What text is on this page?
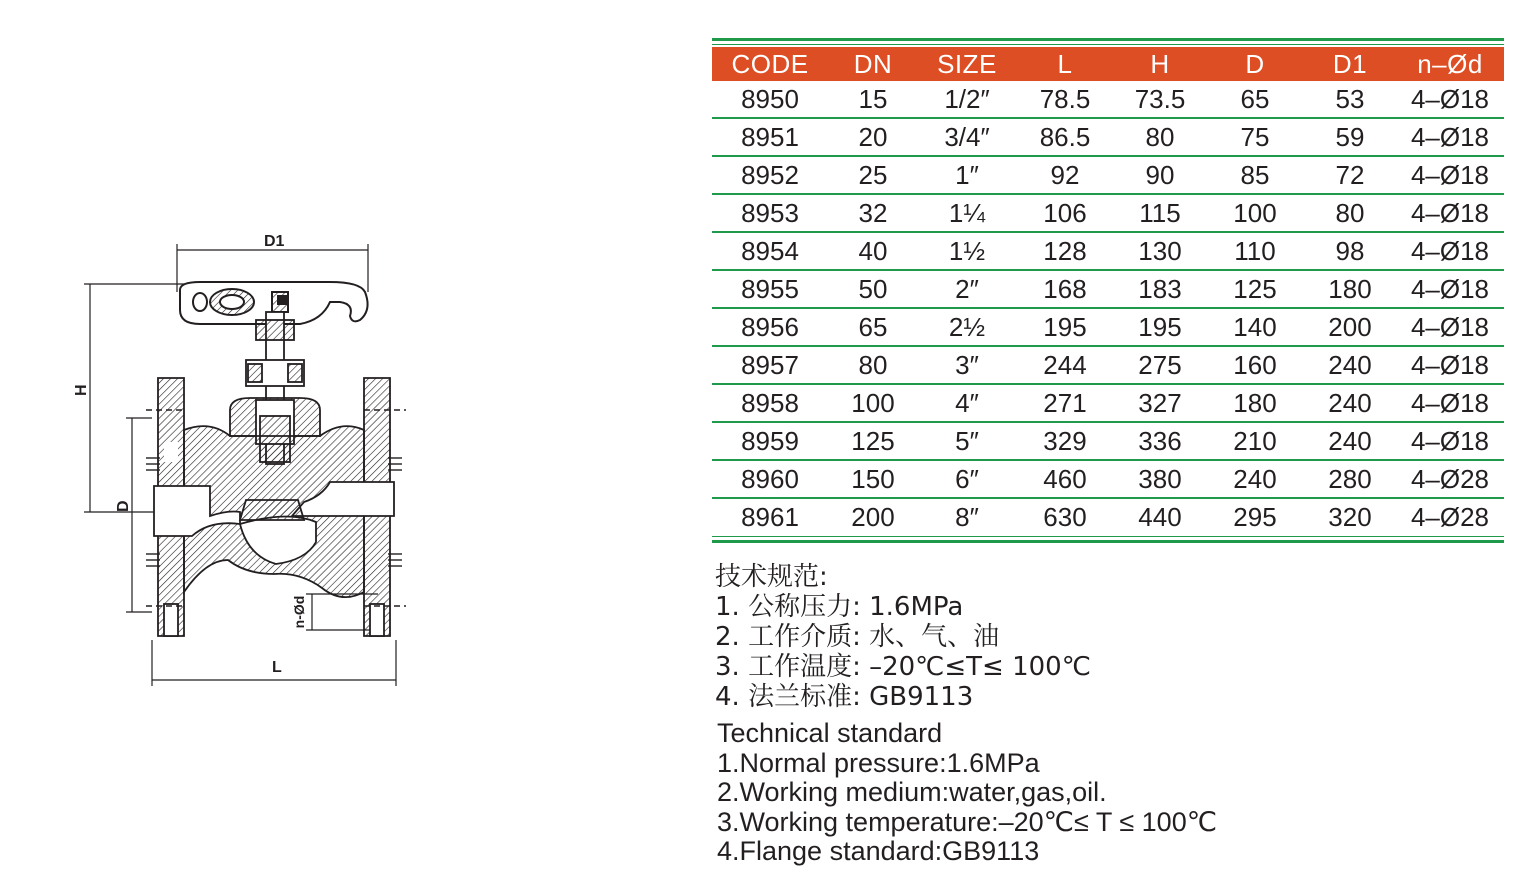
D1
H
D
n-Ød
L
CODE	DN	SIZE	L	H	D	D1	n–Ød
8950	15	1/2″	78.5	73.5	65	53	4–Ø18
8951	20	3/4″	86.5	80	75	59	4–Ø18
8952	25	1″	92	90	85	72	4–Ø18
8953	32	1¼	106	115	100	80	4–Ø18
8954	40	1½	128	130	110	98	4–Ø18
8955	50	2″	168	183	125	180	4–Ø18
8956	65	2½	195	195	140	200	4–Ø18
8957	80	3″	244	275	160	240	4–Ø18
8958	100	4″	271	327	180	240	4–Ø18
8959	125	5″	329	336	210	240	4–Ø18
8960	150	6″	460	380	240	280	4–Ø28
8961	200	8″	630	440	295	320	4–Ø28
技术规范:
1. 公称压力: 1.6MPa
2. 工作介质: 水、气、油
3. 工作温度: –20℃≤T≤ 100℃
4. 法兰标准: GB9113
Technical standard
1.Normal pressure:1.6MPa
2.Working medium:water,gas,oil.
3.Working temperature:–20℃≤ T ≤ 100℃
4.Flange standard:GB9113
